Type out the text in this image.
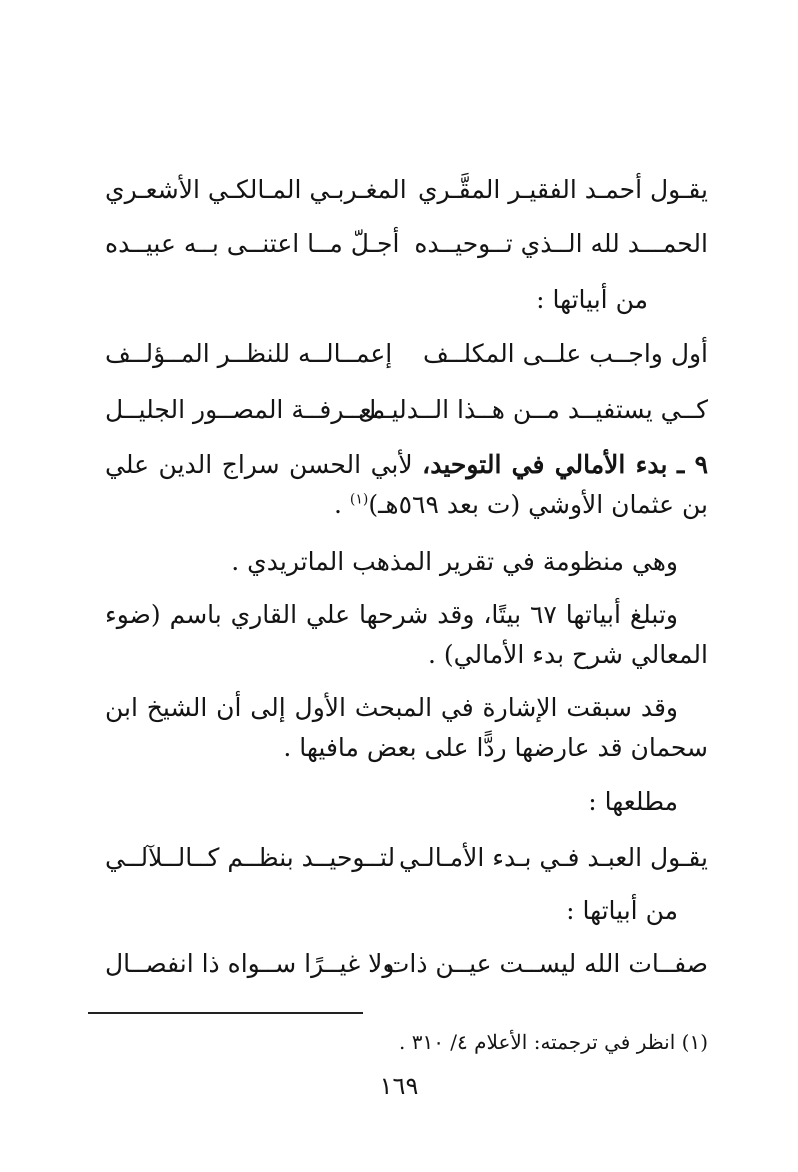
يقـول أحمـد الفقيـر المقَّـري
المغـربـي المـالكـي الأشعـري
الحمـــد لله الــذي تــوحيــده
أجـلّ مــا اعتنــى بــه عبيــده
من أبياتها :
أول واجــب علــى المكلــف
إعمــالــه للنظــر المــؤلــف
كــي يستفيــد مــن هــذا الــدليــل
معــرفــة المصــور الجليــل
٩ ـ بدء الأمالي في التوحيد، لأبي الحسن سراج الدين علي بن عثمان الأوشي (ت بعد ٥٦٩هـ)$^{(١)}$ .
وهي منظومة في تقرير المذهب الماتريدي .
وتبلغ أبياتها ٦٧ بيتًا، وقد شرحها علي القاري باسم (ضوء المعالي شرح بدء الأمالي) .
وقد سبقت الإشارة في المبحث الأول إلى أن الشيخ ابن سحمان قد عارضها ردًّا على بعض مافيها .
مطلعها :
يقـول العبـد فـي بـدء الأمـالـي
لتــوحيــد بنظــم كــالــلآلــي
من أبياتها :
صفــات الله ليســت عيــن ذات
ولا غيــرًا ســواه ذا انفصــال
(١) انظر في ترجمته: الأعلام ٤/ ٣١٠ .
١٦٩
